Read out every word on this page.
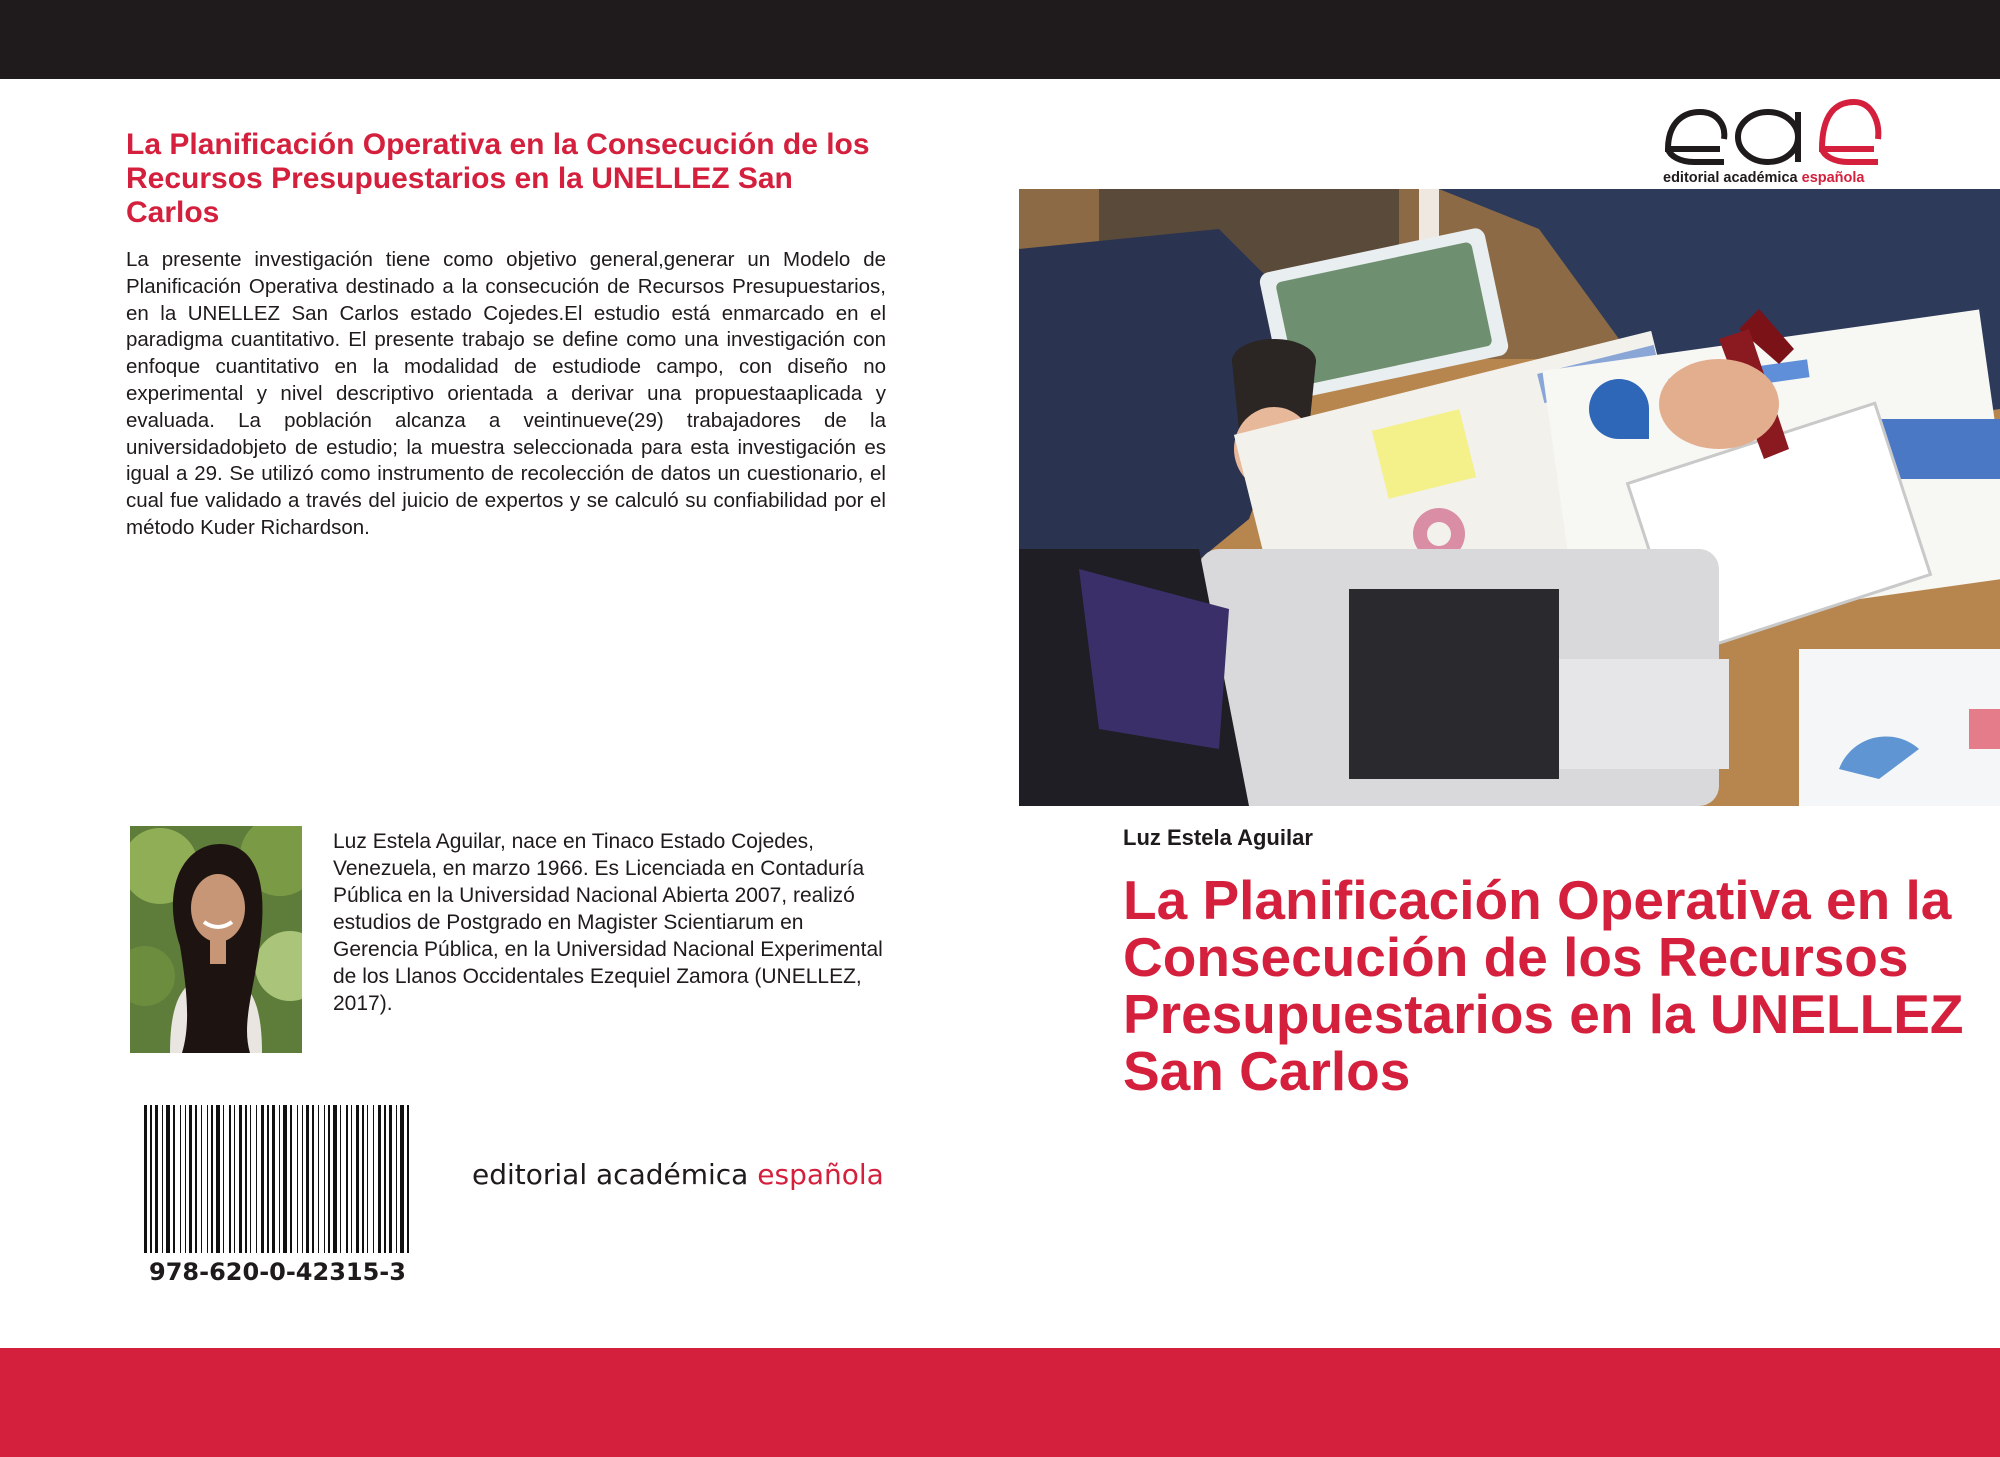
La Planificación Operativa en la Consecución de los Recursos Presupuestarios en la UNELLEZ San Carlos

La presente investigación tiene como objetivo general,generar un Modelo de Planificación Operativa destinado a la consecución de Recursos Presupuestarios, en la UNELLEZ San Carlos estado Cojedes.El estudio está enmarcado en el paradigma cuantitativo. El presente trabajo se define como una investigación con enfoque cuantitativo en la modalidad de estudiode campo, con diseño no experimental y nivel descriptivo orientada a derivar una propuestaaplicada y evaluada. La población alcanza a veintinueve(29) trabajadores de la universidadobjeto de estudio; la muestra seleccionada para esta investigación es igual a 29. Se utilizó como instrumento de recolección de datos un cuestionario, el cual fue validado a través del juicio de expertos y se calculó su confiabilidad por el método Kuder Richardson.

Luz Estela Aguilar, nace en Tinaco Estado Cojedes, Venezuela, en marzo 1966. Es Licenciada en Contaduría Pública en la Universidad Nacional Abierta 2007, realizó estudios de Postgrado en Magister Scientiarum en Gerencia Pública, en la Universidad Nacional Experimental de los Llanos Occidentales Ezequiel Zamora (UNELLEZ, 2017).

978-620-0-42315-3
editorial académica española
editorial académica española

Luz Estela Aguilar

La Planificación Operativa en la Consecución de los Recursos Presupuestarios en la UNELLEZ San Carlos
